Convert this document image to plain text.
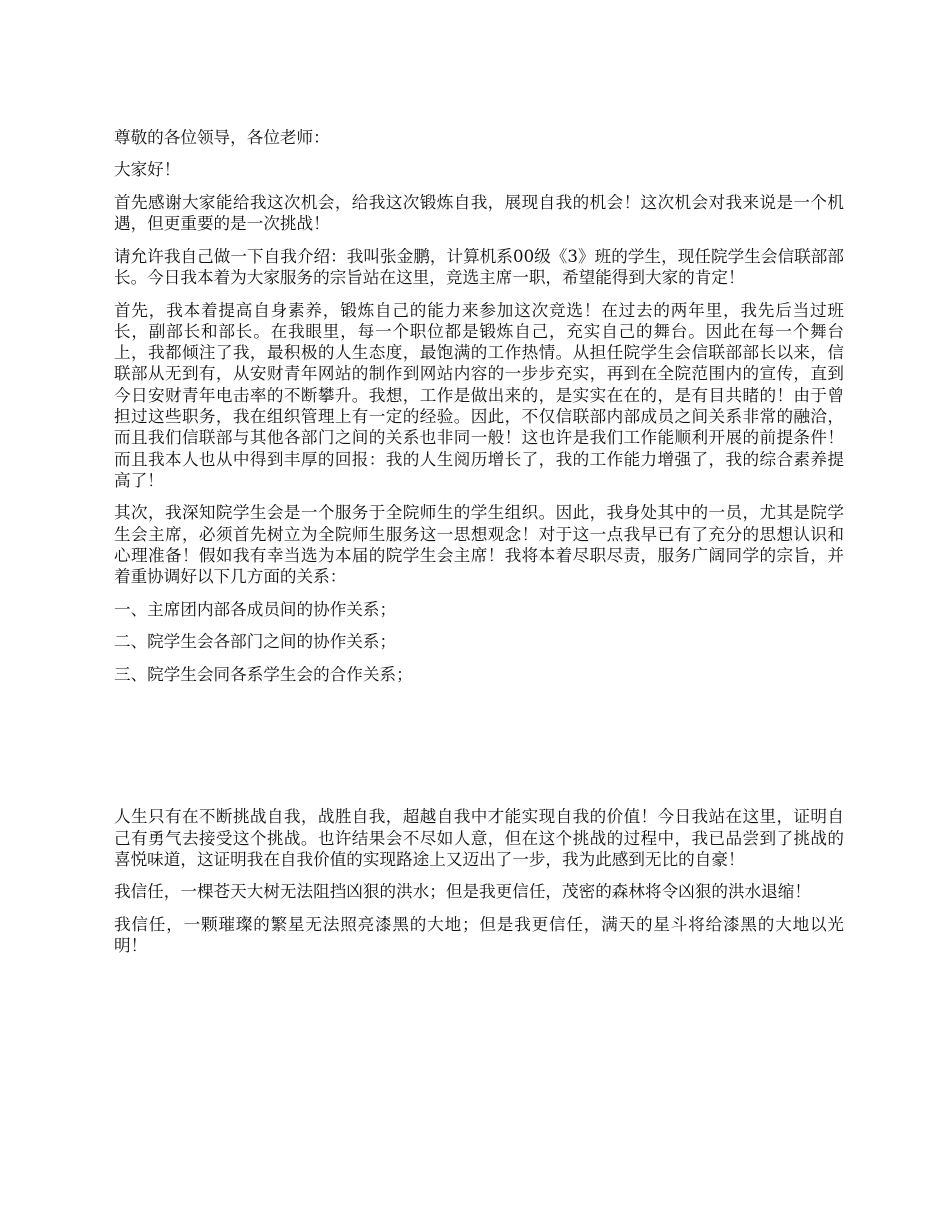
尊敬的各位领导，各位老师：

大家好！

首先感谢大家能给我这次机会，给我这次锻炼自我，展现自我的机会！这次机会对我来说是一个机遇，但更重要的是一次挑战！

请允许我自己做一下自我介绍：我叫张金鹏，计算机系00级《3》班的学生，现任院学生会信联部部长。今日我本着为大家服务的宗旨站在这里，竞选主席一职，希望能得到大家的肯定！

首先，我本着提高自身素养，锻炼自己的能力来参加这次竞选！在过去的两年里，我先后当过班长，副部长和部长。在我眼里，每一个职位都是锻炼自己，充实自己的舞台。因此在每一个舞台上，我都倾注了我，最积极的人生态度，最饱满的工作热情。从担任院学生会信联部部长以来，信联部从无到有，从安财青年网站的制作到网站内容的一步步充实，再到在全院范围内的宣传，直到今日安财青年电击率的不断攀升。我想，工作是做出来的，是实实在在的，是有目共睹的！由于曾担过这些职务，我在组织管理上有一定的经验。因此，不仅信联部内部成员之间关系非常的融洽，而且我们信联部与其他各部门之间的关系也非同一般！这也许是我们工作能顺利开展的前提条件！而且我本人也从中得到丰厚的回报：我的人生阅历增长了，我的工作能力增强了，我的综合素养提高了！

其次，我深知院学生会是一个服务于全院师生的学生组织。因此，我身处其中的一员，尤其是院学生会主席，必须首先树立为全院师生服务这一思想观念！对于这一点我早已有了充分的思想认识和心理准备！假如我有幸当选为本届的院学生会主席！我将本着尽职尽责，服务广阔同学的宗旨，并着重协调好以下几方面的关系：

一、主席团内部各成员间的协作关系；

二、院学生会各部门之间的协作关系；

三、院学生会同各系学生会的合作关系；

人生只有在不断挑战自我，战胜自我，超越自我中才能实现自我的价值！今日我站在这里，证明自己有勇气去接受这个挑战。也许结果会不尽如人意，但在这个挑战的过程中，我已品尝到了挑战的喜悦味道，这证明我在自我价值的实现路途上又迈出了一步，我为此感到无比的自豪！

我信任，一棵苍天大树无法阻挡凶狠的洪水；但是我更信任，茂密的森林将令凶狠的洪水退缩！

我信任，一颗璀璨的繁星无法照亮漆黑的大地；但是我更信任，满天的星斗将给漆黑的大地以光明！
